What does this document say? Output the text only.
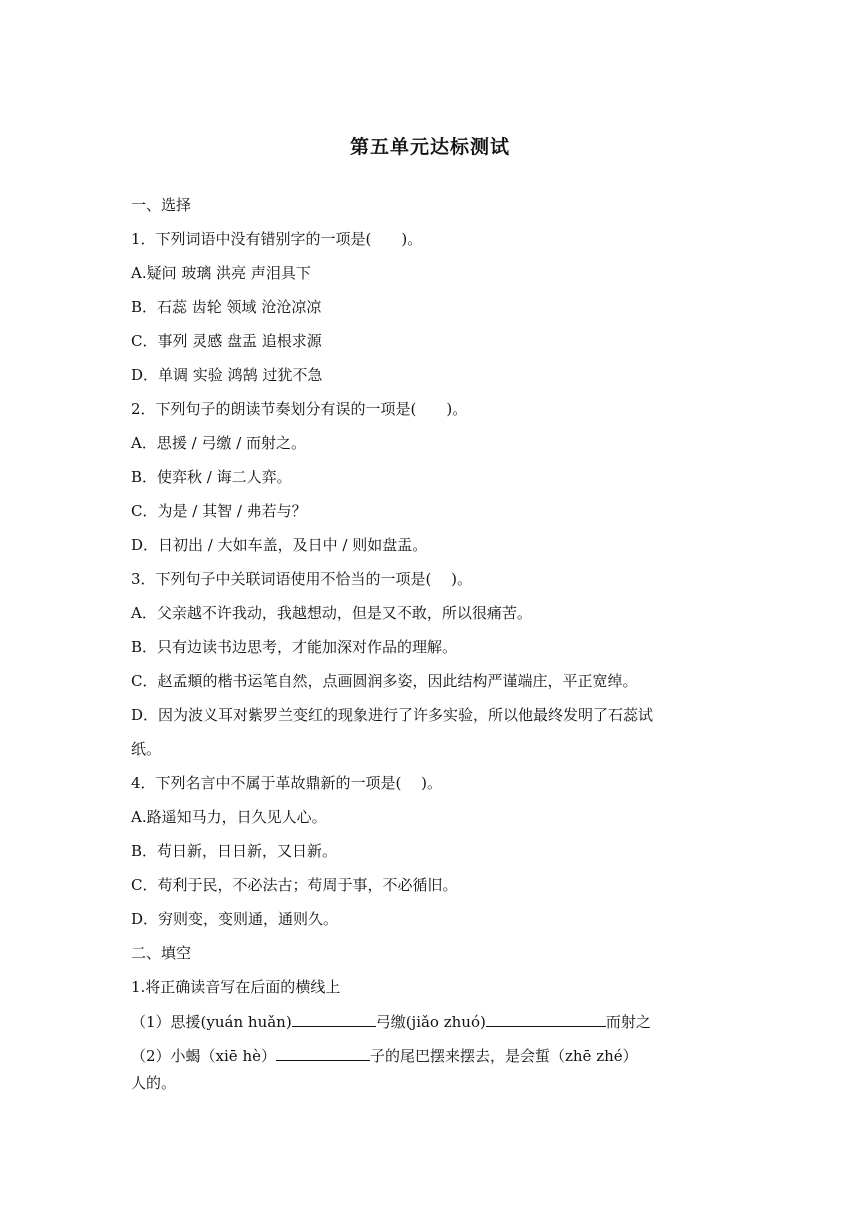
第五单元达标测试
一、选择
1．下列词语中没有错别字的一项是(　　)。
A.疑问 玻璃 洪亮 声泪具下
B．石蕊 齿轮 领域 沧沧凉凉
C．事列 灵感 盘盂 追根求源
D．单调 实验 鸿鹄 过犹不急
2．下列句子的朗读节奏划分有误的一项是(　　)。
A．思援 / 弓缴 / 而射之。
B．使弈秋 / 诲二人弈。
C．为是 / 其智 / 弗若与？
D．日初出 / 大如车盖，及日中 / 则如盘盂。
3．下列句子中关联词语使用不恰当的一项是(　 )。
A．父亲越不许我动，我越想动，但是又不敢，所以很痛苦。
B．只有边读书边思考，才能加深对作品的理解。
C．赵孟頫的楷书运笔自然，点画圆润多姿，因此结构严谨端庄，平正宽绰。
D．因为波义耳对紫罗兰变红的现象进行了许多实验，所以他最终发明了石蕊试
纸。
4．下列名言中不属于革故鼎新的一项是(　 )。
A.路遥知马力，日久见人心。
B．苟日新，日日新，又日新。
C．苟利于民，不必法古；苟周于事，不必循旧。
D．穷则变，变则通，通则久。
二、填空
1.将正确读音写在后面的横线上
（1）思援(yuán huǎn)	弓缴(jiǎo zhuó)	而射之
（2）小蝎（xiē hè）	子的尾巴摆来摆去，是会蜇（zhē zhé）
人的。
